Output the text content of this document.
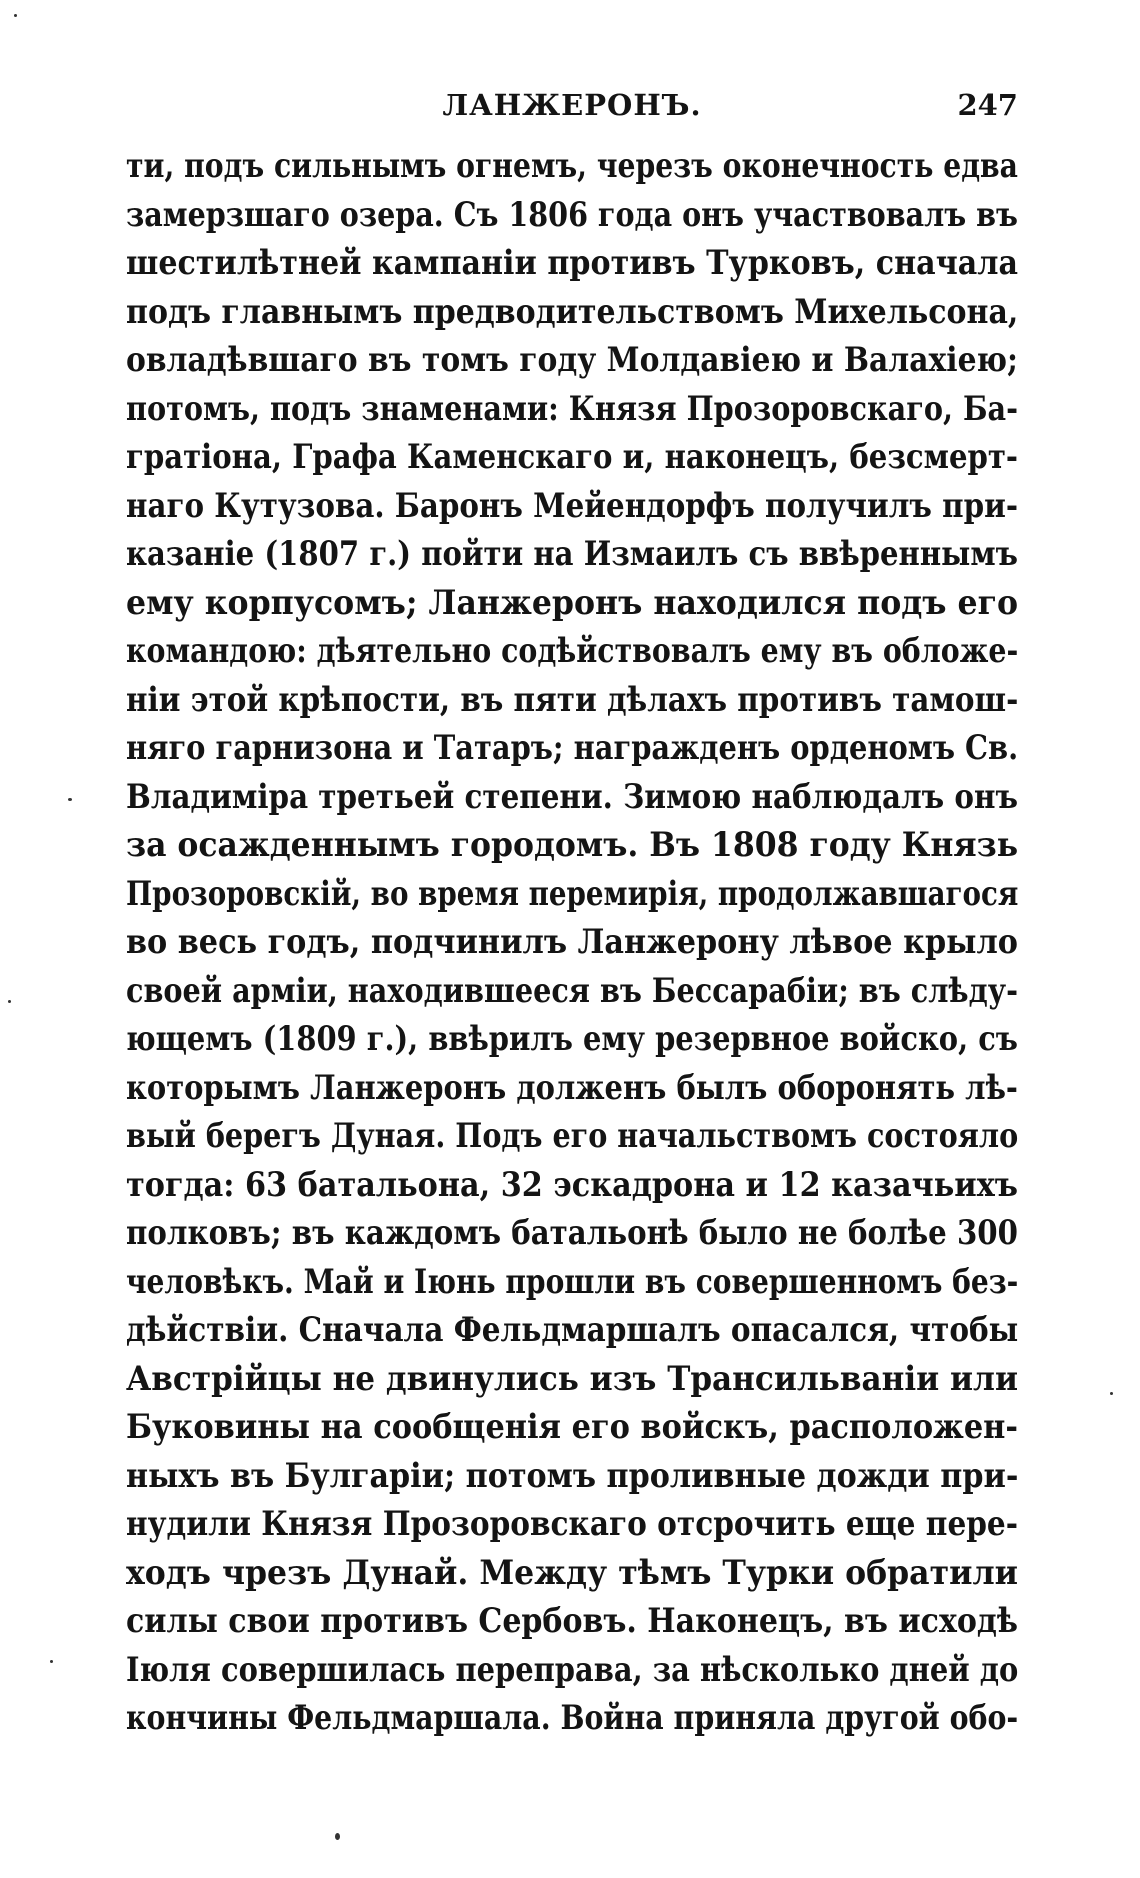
ЛАНЖЕРОНЪ.	247
ти, подъ сильнымъ огнемъ, черезъ оконечность едва
замерзшаго озера. Съ 1806 года онъ участвовалъ въ
шестилѣтней кампаніи противъ Турковъ, сначала
подъ главнымъ предводительствомъ Михельсона,
овладѣвшаго въ томъ году Молдавіею и Валахіею;
потомъ, подъ знаменами: Князя Прозоровскаго, Ба-
гратіона, Графа Каменскаго и, наконецъ, безсмерт-
наго Кутузова. Баронъ Мейендорфъ получилъ при-
казаніе (1807 г.) пойти на Измаилъ съ ввѣреннымъ
ему корпусомъ; Ланжеронъ находился подъ его
командою: дѣятельно содѣйствовалъ ему въ обложе-
ніи этой крѣпости, въ пяти дѣлахъ противъ тамош-
няго гарнизона и Татаръ; награжденъ орденомъ Св.
Владиміра третьей степени. Зимою наблюдалъ онъ
за осажденнымъ городомъ. Въ 1808 году Князь
Прозоровскій, во время перемирія, продолжавшагося
во весь годъ, подчинилъ Ланжерону лѣвое крыло
своей арміи, находившееся въ Бессарабіи; въ слѣду-
ющемъ (1809 г.), ввѣрилъ ему резервное войско, съ
которымъ Ланжеронъ долженъ былъ оборонять лѣ-
вый берегъ Дуная. Подъ его начальствомъ состояло
тогда: 63 батальона, 32 эскадрона и 12 казачьихъ
полковъ; въ каждомъ батальонѣ было не болѣе 300
человѣкъ. Май и Іюнь прошли въ совершенномъ без-
дѣйствіи. Сначала Фельдмаршалъ опасался, чтобы
Австрійцы не двинулись изъ Трансильваніи или
Буковины на сообщенія его войскъ, расположен-
ныхъ въ Булгаріи; потомъ проливные дожди при-
нудили Князя Прозоровскаго отсрочить еще пере-
ходъ чрезъ Дунай. Между тѣмъ Турки обратили
силы свои противъ Сербовъ. Наконецъ, въ исходѣ
Іюля совершилась переправа, за нѣсколько дней до
кончины Фельдмаршала. Война приняла другой обо-
